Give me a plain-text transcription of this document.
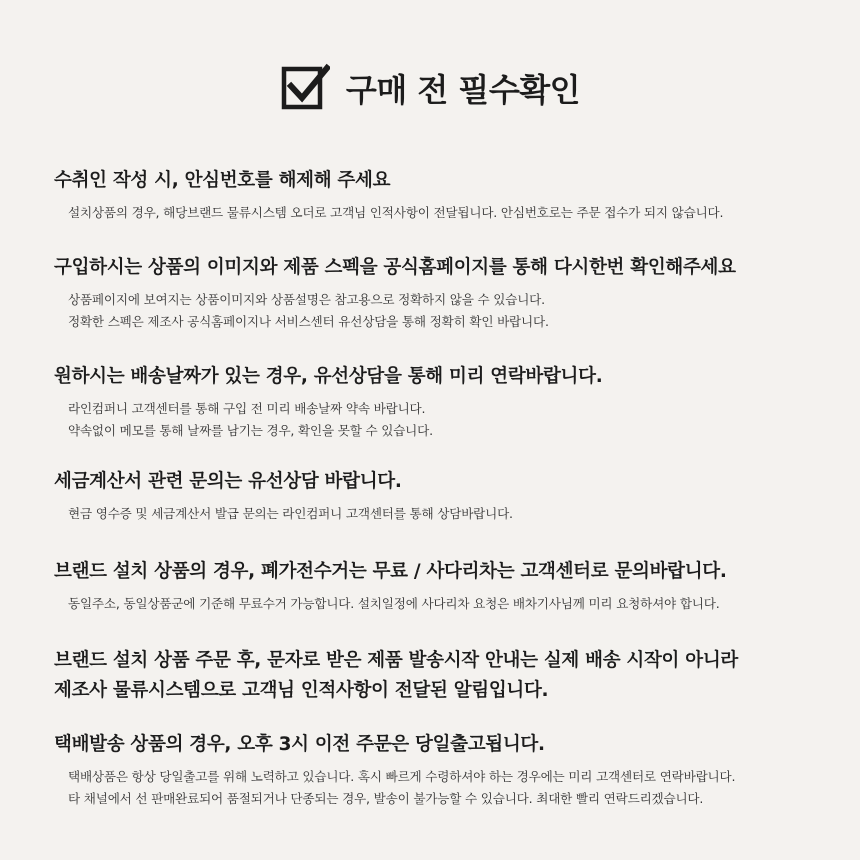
구매 전 필수확인
수취인 작성 시, 안심번호를 해제해 주세요
설치상품의 경우, 해당브랜드 물류시스템 오더로 고객님 인적사항이 전달됩니다. 안심번호로는 주문 접수가 되지 않습니다.
구입하시는 상품의 이미지와 제품 스펙을 공식홈페이지를 통해 다시한번 확인해주세요
상품페이지에 보여지는 상품이미지와 상품설명은 참고용으로 정확하지 않을 수 있습니다.
정확한 스펙은 제조사 공식홈페이지나 서비스센터 유선상담을 통해 정확히 확인 바랍니다.
원하시는 배송날짜가 있는 경우, 유선상담을 통해 미리 연락바랍니다.
라인컴퍼니 고객센터를 통해 구입 전 미리 배송날짜 약속 바랍니다.
약속없이 메모를 통해 날짜를 남기는 경우, 확인을 못할 수 있습니다.
세금계산서 관련 문의는 유선상담 바랍니다.
현금 영수증 및 세금계산서 발급 문의는 라인컴퍼니 고객센터를 통해 상담바랍니다.
브랜드 설치 상품의 경우, 폐가전수거는 무료 / 사다리차는 고객센터로 문의바랍니다.
동일주소, 동일상품군에 기준해 무료수거 가능합니다. 설치일정에 사다리차 요청은 배차기사님께 미리 요청하셔야 합니다.
브랜드 설치 상품 주문 후, 문자로 받은 제품 발송시작 안내는 실제 배송 시작이 아니라
제조사 물류시스템으로 고객님 인적사항이 전달된 알림입니다.
택배발송 상품의 경우, 오후 3시 이전 주문은 당일출고됩니다.
택배상품은 항상 당일출고를 위해 노력하고 있습니다. 혹시 빠르게 수령하셔야 하는 경우에는 미리 고객센터로 연락바랍니다.
타 채널에서 선 판매완료되어 품절되거나 단종되는 경우, 발송이 불가능할 수 있습니다. 최대한 빨리 연락드리겠습니다.
